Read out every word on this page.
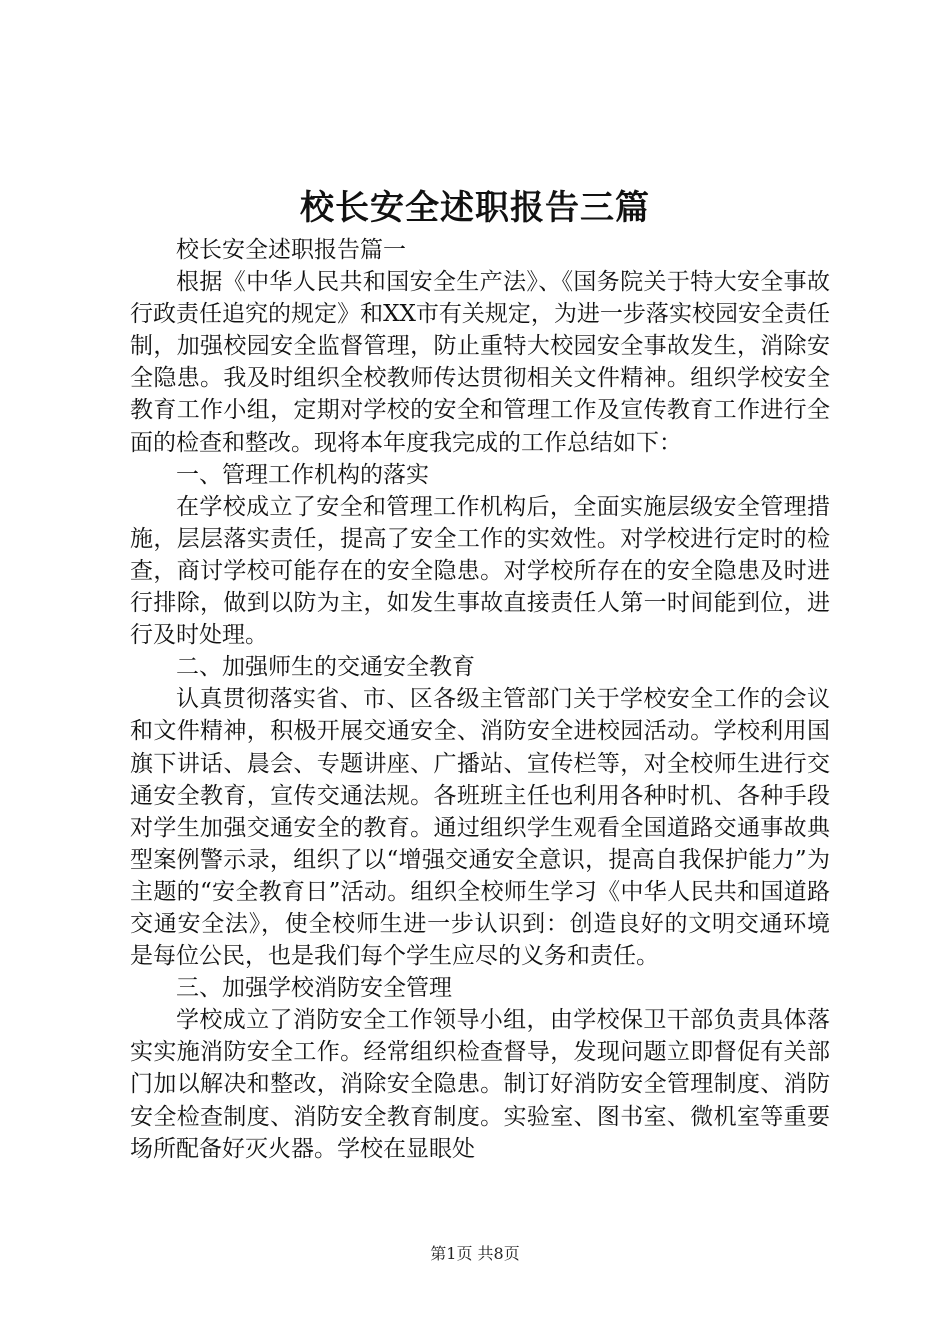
校长安全述职报告三篇

校长安全述职报告篇一

根据《中华人民共和国安全生产法》、《国务院关于特大安全事故行政责任追究的规定》和XX市有关规定，为进一步落实校园安全责任制，加强校园安全监督管理，防止重特大校园安全事故发生，消除安全隐患。我及时组织全校教师传达贯彻相关文件精神。组织学校安全教育工作小组，定期对学校的安全和管理工作及宣传教育工作进行全面的检查和整改。现将本年度我完成的工作总结如下：

一、管理工作机构的落实

在学校成立了安全和管理工作机构后，全面实施层级安全管理措施，层层落实责任，提高了安全工作的实效性。对学校进行定时的检查，商讨学校可能存在的安全隐患。对学校所存在的安全隐患及时进行排除，做到以防为主，如发生事故直接责任人第一时间能到位，进行及时处理。

二、加强师生的交通安全教育

认真贯彻落实省、市、区各级主管部门关于学校安全工作的会议和文件精神，积极开展交通安全、消防安全进校园活动。学校利用国旗下讲话、晨会、专题讲座、广播站、宣传栏等，对全校师生进行交通安全教育，宣传交通法规。各班班主任也利用各种时机、各种手段对学生加强交通安全的教育。通过组织学生观看全国道路交通事故典型案例警示录，组织了以“增强交通安全意识，提高自我保护能力”为主题的“安全教育日”活动。组织全校师生学习《中华人民共和国道路交通安全法》，使全校师生进一步认识到：创造良好的文明交通环境是每位公民，也是我们每个学生应尽的义务和责任。

三、加强学校消防安全管理

学校成立了消防安全工作领导小组，由学校保卫干部负责具体落实实施消防安全工作。经常组织检查督导，发现问题立即督促有关部门加以解决和整改，消除安全隐患。制订好消防安全管理制度、消防安全检查制度、消防安全教育制度。实验室、图书室、微机室等重要场所配备好灭火器。学校在显眼处

第1页 共8页
